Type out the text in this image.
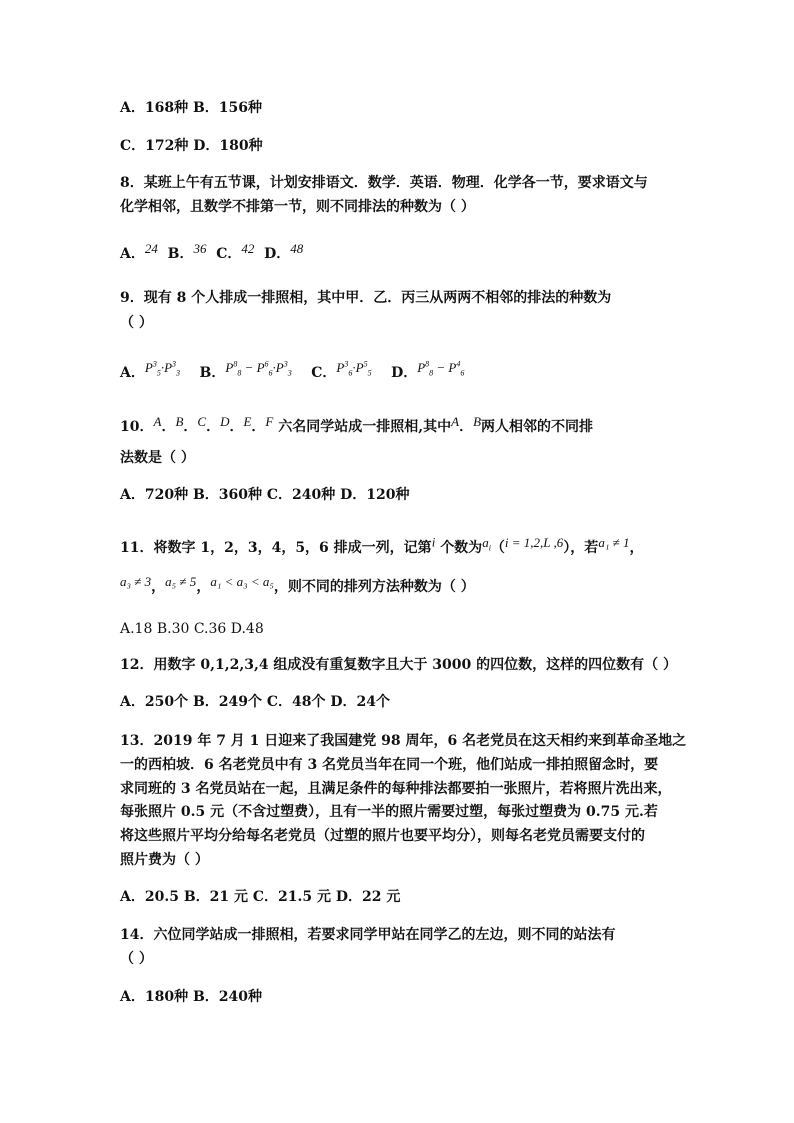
A．168种 B．156种
C．172种 D．180种
8．某班上午有五节课，计划安排语文．数学．英语．物理．化学各一节，要求语文与
化学相邻，且数学不排第一节，则不同排法的种数为（ ）
A．24 B．36 C．42 D．48
9．现有 8 个人排成一排照相，其中甲．乙．丙三从两两不相邻的排法的种数为
（ ）
A．$P^3_5\cdot P^3_3$ B．$P^8_8 - P^6_6\cdot P^3_3$ C．$P^3_6\cdot P^5_5$ D．$P^8_8 - P^4_6$
10．A．B．C．D．E．F 六名同学站成一排照相,其中A．B两人相邻的不同排
法数是（ ）
A．720种 B．360种 C．240种 D．120种
11．将数字 1，2，3，4，5，6 排成一列，记第$^i$ 个数为$a_i(i = 1,2,L$ ,6），若a₁ ≠ 1，
a₃ ≠ 3，a₅ ≠ 5，a₁ < a₃ < a₅，则不同的排列方法种数为（ ）
A.18 B.30 C.36 D.48
12．用数字 0,1,2,3,4 组成没有重复数字且大于 3000 的四位数，这样的四位数有（ ）
A．250个 B．249个 C．48个 D．24个
13．2019 年 7 月 1 日迎来了我国建党 98 周年，6 名老党员在这天相约来到革命圣地之
一的西柏坡．6 名老党员中有 3 名党员当年在同一个班，他们站成一排拍照留念时，要
求同班的 3 名党员站在一起，且满足条件的每种排法都要拍一张照片，若将照片洗出来，
每张照片 0.5 元（不含过塑费），且有一半的照片需要过塑，每张过塑费为 0.75 元.若
将这些照片平均分给每名老党员（过塑的照片也要平均分），则每名老党员需要支付的
照片费为（ ）
A．20.5 B．21 元 C．21.5 元 D．22 元
14．六位同学站成一排照相，若要求同学甲站在同学乙的左边，则不同的站法有
（ ）
A．180种 B．240种
